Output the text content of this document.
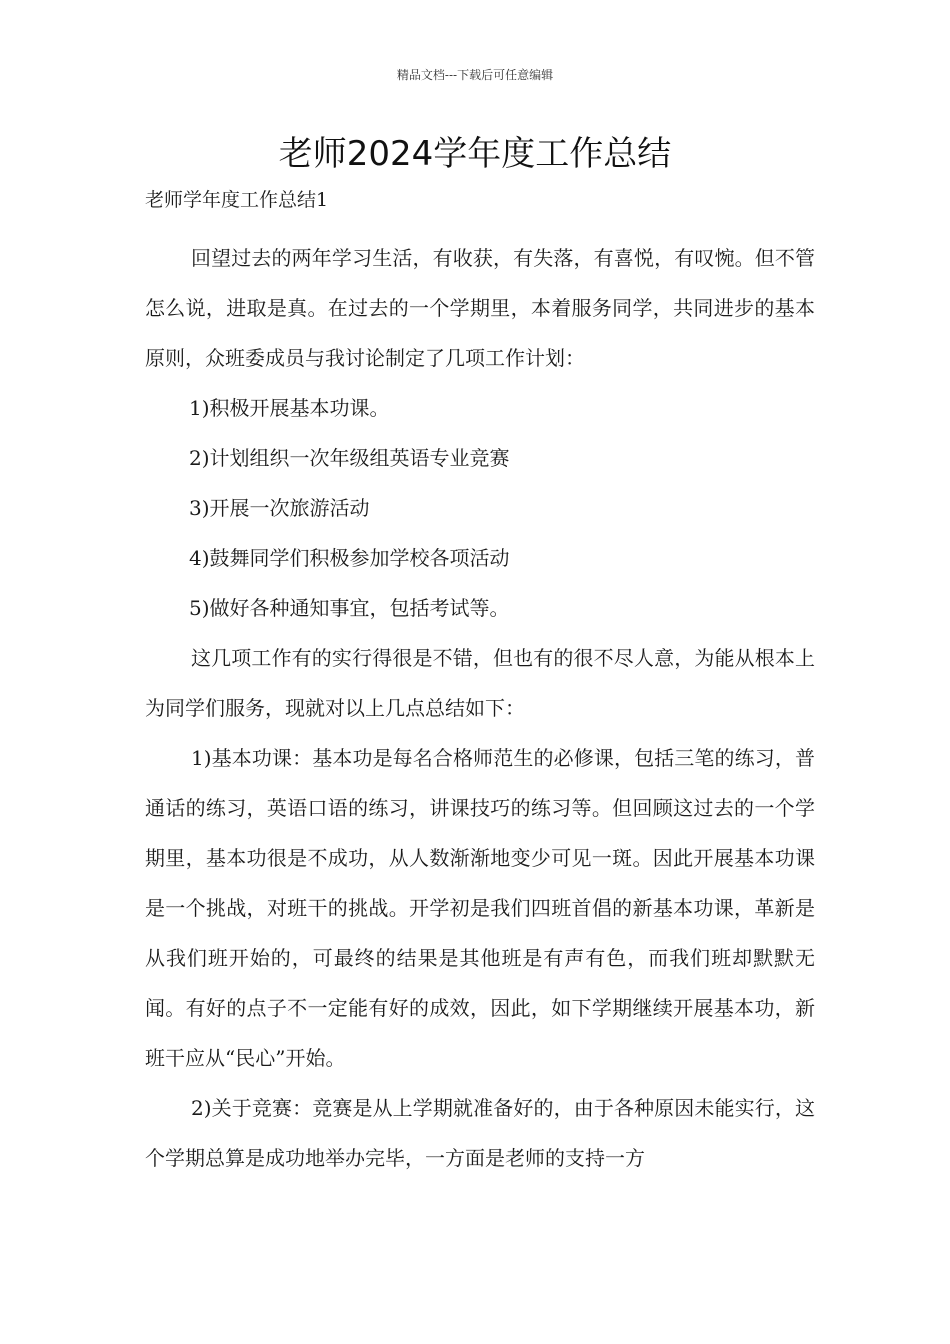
精品文档---下载后可任意编辑
老师2024学年度工作总结

老师学年度工作总结1

回望过去的两年学习生活，有收获，有失落，有喜悦，有叹惋。但不管怎么说，进取是真。在过去的一个学期里，本着服务同学，共同进步的基本原则，众班委成员与我讨论制定了几项工作计划：

1)积极开展基本功课。

2)计划组织一次年级组英语专业竞赛

3)开展一次旅游活动

4)鼓舞同学们积极参加学校各项活动

5)做好各种通知事宜，包括考试等。

这几项工作有的实行得很是不错，但也有的很不尽人意，为能从根本上为同学们服务，现就对以上几点总结如下：

1)基本功课：基本功是每名合格师范生的必修课，包括三笔的练习，普通话的练习，英语口语的练习，讲课技巧的练习等。但回顾这过去的一个学期里，基本功很是不成功，从人数渐渐地变少可见一斑。因此开展基本功课是一个挑战，对班干的挑战。开学初是我们四班首倡的新基本功课，革新是从我们班开始的，可最终的结果是其他班是有声有色，而我们班却默默无闻。有好的点子不一定能有好的成效，因此，如下学期继续开展基本功，新班干应从“民心”开始。

2)关于竞赛：竞赛是从上学期就准备好的，由于各种原因未能实行，这个学期总算是成功地举办完毕，一方面是老师的支持一方
